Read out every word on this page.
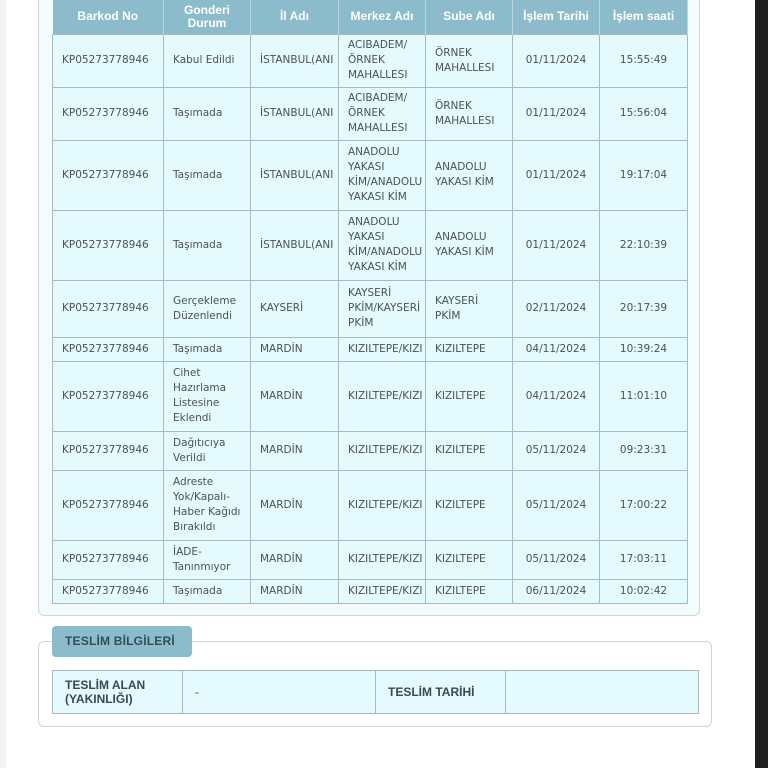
Barkod No	Gonderi Durum	İl Adı	Merkez Adı	Sube Adı	İşlem Tarihi	İşlem saati
KP05273778946	Kabul Edildi	İSTANBUL(ANI	ACIBADEM/ ÖRNEK MAHALLESI	ÖRNEK MAHALLESI	01/11/2024	15:55:49
KP05273778946	Taşımada	İSTANBUL(ANI	ACIBADEM/ ÖRNEK MAHALLESI	ÖRNEK MAHALLESI	01/11/2024	15:56:04
KP05273778946	Taşımada	İSTANBUL(ANI	ANADOLU YAKASI KİM/ANADOLU YAKASI KİM	ANADOLU YAKASI KİM	01/11/2024	19:17:04
KP05273778946	Taşımada	İSTANBUL(ANI	ANADOLU YAKASI KİM/ANADOLU YAKASI KİM	ANADOLU YAKASI KİM	01/11/2024	22:10:39
KP05273778946	Gerçekleme Düzenlendi	KAYSERİ	KAYSERİ PKİM/KAYSERİ PKİM	KAYSERİ PKİM	02/11/2024	20:17:39
KP05273778946	Taşımada	MARDİN	KIZILTEPE/KIZI	KIZILTEPE	04/11/2024	10:39:24
KP05273778946	Cihet Hazırlama Listesine Eklendi	MARDİN	KIZILTEPE/KIZI	KIZILTEPE	04/11/2024	11:01:10
KP05273778946	Dağıtıcıya Verildi	MARDİN	KIZILTEPE/KIZI	KIZILTEPE	05/11/2024	09:23:31
KP05273778946	Adreste Yok/Kapalı-Haber Kağıdı Bırakıldı	MARDİN	KIZILTEPE/KIZI	KIZILTEPE	05/11/2024	17:00:22
KP05273778946	İADE-Tanınmıyor	MARDİN	KIZILTEPE/KIZI	KIZILTEPE	05/11/2024	17:03:11
KP05273778946	Taşımada	MARDİN	KIZILTEPE/KIZI	KIZILTEPE	06/11/2024	10:02:42
TESLİM BİLGİLERİ
TESLİM ALAN (YAKINLIĞI)	-	TESLİM TARİHİ	
